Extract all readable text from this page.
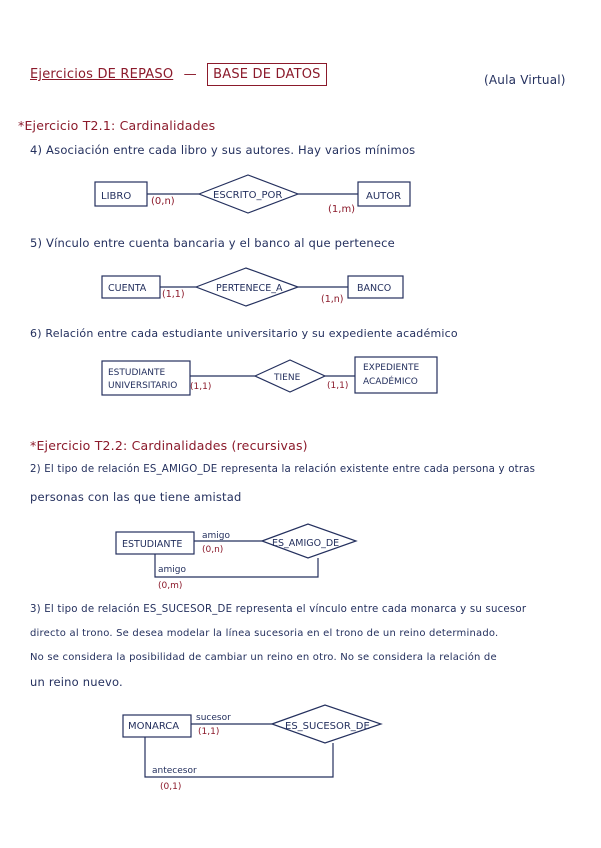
Ejercicios DE REPASO — BASE DE DATOS	(Aula Virtual)
*Ejercicio T2.1: Cardinalidades
4) Asociación entre cada libro y sus autores. Hay varios mínimos
LIBRO (0,n)
ESCRITO_POR
(1,m)
AUTOR
CUENTA
(1,1)
PERTENECE_A
(1,n)
BANCO
ESTUDIANTE
UNIVERSITARIO (1,1)
TIENE
(1,1)
EXPEDIENTE
ACADÉMICO
ESTUDIANTE
amigo
(0,n)
ES_AMIGO_DE
amigo
(0,m)
MONARCA
sucesor
(1,1)	ES_SUCESOR_DE
antecesor
(0,1)
5) Vínculo entre cuenta bancaria y el banco al que pertenece
6) Relación entre cada estudiante universitario y su expediente académico
*Ejercicio T2.2: Cardinalidades (recursivas)
2) El tipo de relación ES_AMIGO_DE representa la relación existente entre cada persona y otras
personas con las que tiene amistad
3) El tipo de relación ES_SUCESOR_DE representa el vínculo entre cada monarca y su sucesor
directo al trono. Se desea modelar la línea sucesoria en el trono de un reino determinado.
No se considera la posibilidad de cambiar un reino en otro. No se considera la relación de
un reino nuevo.
